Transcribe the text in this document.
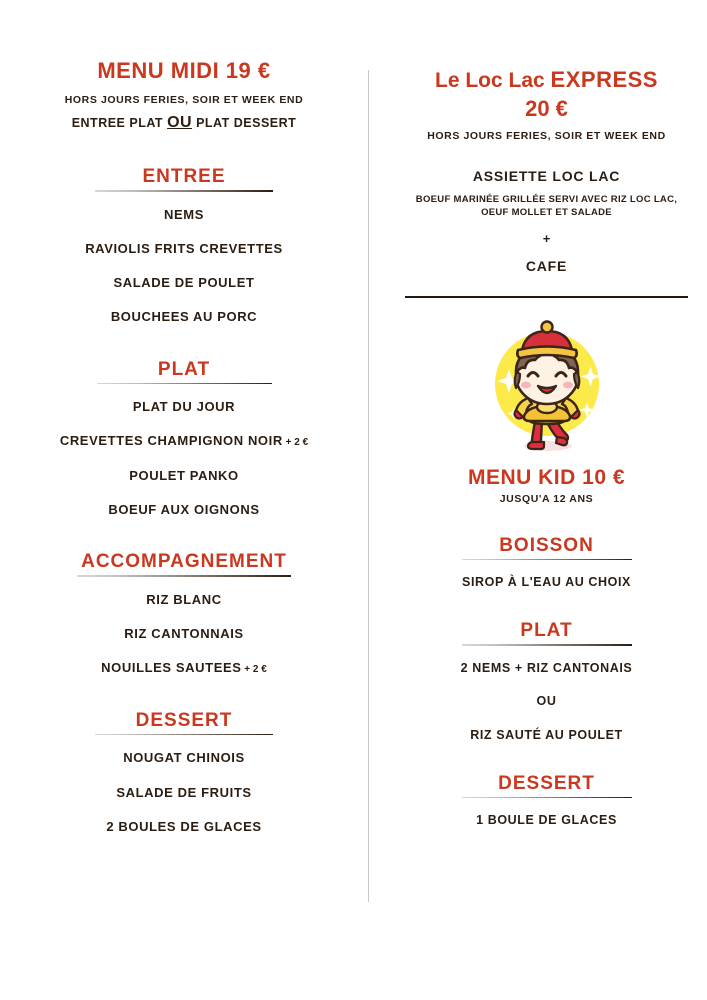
MENU MIDI 19 €

HORS JOURS FERIES, SOIR ET WEEK END

ENTREE PLAT OU PLAT DESSERT

ENTREE

NEMS

RAVIOLIS FRITS CREVETTES

SALADE DE POULET

BOUCHEES AU PORC

PLAT

PLAT DU JOUR

CREVETTES CHAMPIGNON NOIR + 2 €

POULET PANKO

BOEUF AUX OIGNONS

ACCOMPAGNEMENT

RIZ BLANC

RIZ CANTONNAIS

NOUILLES SAUTEES + 2 €

DESSERT

NOUGAT CHINOIS

SALADE DE FRUITS

2 BOULES DE GLACES

Le Loc Lac EXPRESS
20 €

HORS JOURS FERIES, SOIR ET WEEK END

ASSIETTE LOC LAC

BOEUF MARINÉE GRILLÉE SERVI AVEC RIZ LOC LAC, OEUF MOLLET ET SALADE

+

CAFE

MENU KID 10 €

JUSQU'A 12 ANS

BOISSON

SIROP À L'EAU AU CHOIX

PLAT

2 NEMS + RIZ CANTONAIS

OU

RIZ SAUTÉ AU POULET

DESSERT

1 BOULE DE GLACES
